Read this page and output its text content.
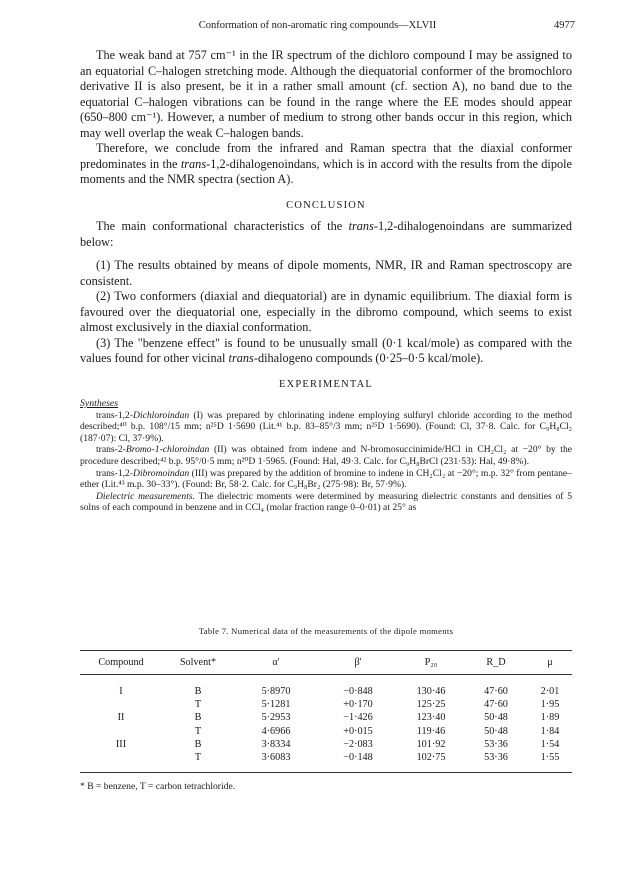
Conformation of non-aromatic ring compounds—XLVII	4977

The weak band at 757 cm⁻¹ in the IR spectrum of the dichloro compound I may be assigned to an equatorial C–halogen stretching mode. Although the diequatorial conformer of the bromochloro derivative II is also present, be it in a rather small amount (cf. section A), no band due to the equatorial C–halogen vibrations can be found in the range where the EE modes should appear (650–800 cm⁻¹). However, a number of medium to strong other bands occur in this region, which may well overlap the weak C–halogen bands.

Therefore, we conclude from the infrared and Raman spectra that the diaxial conformer predominates in the trans-1,2-dihalogenoindans, which is in accord with the results from the dipole moments and the NMR spectra (section A).

CONCLUSION

The main conformational characteristics of the trans-1,2-dihalogenoindans are summarized below:

(1) The results obtained by means of dipole moments, NMR, IR and Raman spectroscopy are consistent.

(2) Two conformers (diaxial and diequatorial) are in dynamic equilibrium. The diaxial form is favoured over the diequatorial one, especially in the dibromo compound, which seems to exist almost exclusively in the diaxial conformation.

(3) The "benzene effect" is found to be unusually small (0·1 kcal/mole) as compared with the values found for other vicinal trans-dihalogeno compounds (0·25–0·5 kcal/mole).

EXPERIMENTAL
Syntheses

trans-1,2-Dichloroindan (I) was prepared by chlorinating indene employing sulfuryl chloride according to the method described;⁴⁰ b.p. 108°/15 mm; n²⁵D 1·5690 (Lit.⁴¹ b.p. 83–85°/3 mm; n²⁵D 1·5690). (Found: Cl, 37·8. Calc. for C₉H₈Cl₂ (187·07): Cl, 37·9%).

trans-2-Bromo-1-chloroindan (II) was obtained from indene and N-bromosuccinimide/HCl in CH₂Cl₂ at −20° by the procedure described;⁴² b.p. 95°/0·5 mm; n²⁰D 1·5965. (Found: Hal, 49·3. Calc. for C₉H₈BrCl (231·53): Hal, 49·8%).

trans-1,2-Dibromoindan (III) was prepared by the addition of bromine to indene in CH₂Cl₂ at −20°; m.p. 32° from pentane–ether (Lit.⁴³ m.p. 30–33°). (Found: Br, 58·2. Calc. for C₉H₈Br₂ (275·98): Br, 57·9%).

Dielectric measurements. The dielectric moments were determined by measuring dielectric constants and densities of 5 solns of each compound in benzene and in CCl₄ (molar fraction range 0–0·01) at 25° as

Table 7. Numerical data of the measurements of the dipole moments
Compound	Solvent*	α'	β'	P₂₀	R_D	μ
I	B	5·8970	−0·848	130·46	47·60	2·01
	T	5·1281	+0·170	125·25	47·60	1·95
II	B	5·2953	−1·426	123·40	50·48	1·89
	T	4·6966	+0·015	119·46	50·48	1·84
III	B	3·8334	−2·083	101·92	53·36	1·54
	T	3·6083	−0·148	102·75	53·36	1·55
* B = benzene, T = carbon tetrachloride.
